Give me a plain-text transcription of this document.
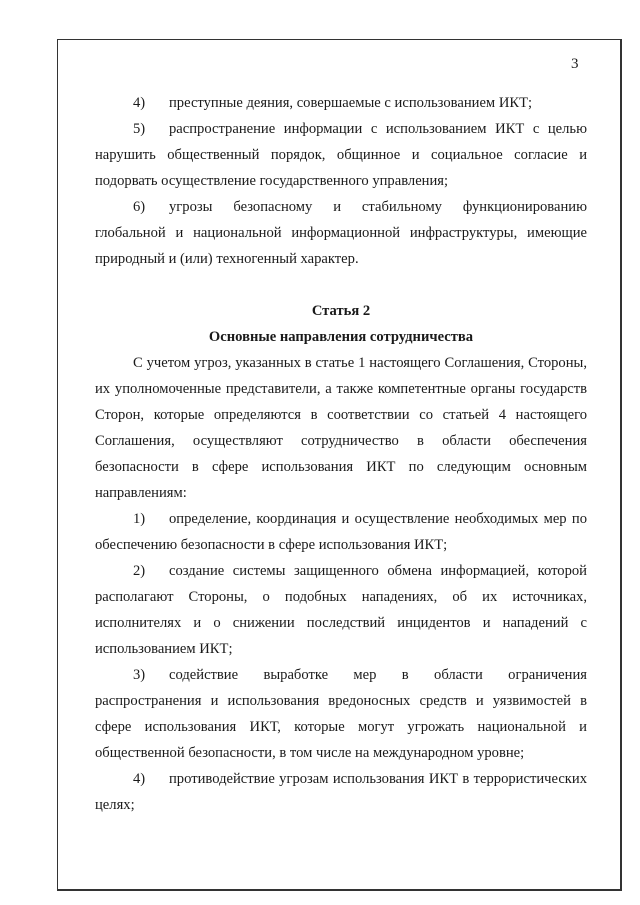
3

4) преступные деяния, совершаемые с использованием ИКТ;

5) распространение информации с использованием ИКТ с целью нарушить общественный порядок, общинное и социальное согласие и подорвать осуществление государственного управления;

6) угрозы безопасному и стабильному функционированию глобальной и национальной информационной инфраструктуры, имеющие природный и (или) техногенный характер.

Статья 2

Основные направления сотрудничества

С учетом угроз, указанных в статье 1 настоящего Соглашения, Стороны, их уполномоченные представители, а также компетентные органы государств Сторон, которые определяются в соответствии со статьей 4 настоящего Соглашения, осуществляют сотрудничество в области обеспечения безопасности в сфере использования ИКТ по следующим основным направлениям:

1) определение, координация и осуществление необходимых мер по обеспечению безопасности в сфере использования ИКТ;

2) создание системы защищенного обмена информацией, которой располагают Стороны, о подобных нападениях, об их источниках, исполнителях и о снижении последствий инцидентов и нападений с использованием ИКТ;

3) содействие выработке мер в области ограничения распространения и использования вредоносных средств и уязвимостей в сфере использования ИКТ, которые могут угрожать национальной и общественной безопасности, в том числе на международном уровне;

4) противодействие угрозам использования ИКТ в террористических целях;
